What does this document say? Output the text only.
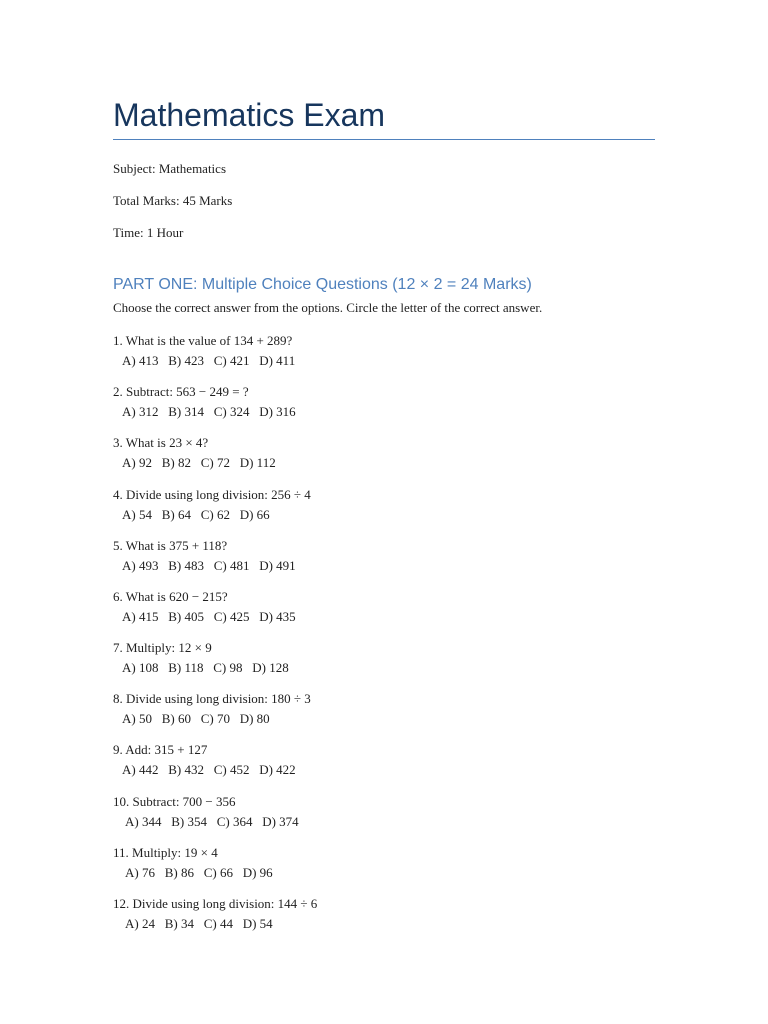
Mathematics Exam
Subject: Mathematics
Total Marks: 45 Marks
Time: 1 Hour
PART ONE: Multiple Choice Questions (12 × 2 = 24 Marks)
Choose the correct answer from the options. Circle the letter of the correct answer.
1. What is the value of 134 + 289?
A) 413   B) 423   C) 421   D) 411
2. Subtract: 563 − 249 = ?
A) 312   B) 314   C) 324   D) 316
3. What is 23 × 4?
A) 92   B) 82   C) 72   D) 112
4. Divide using long division: 256 ÷ 4
A) 54   B) 64   C) 62   D) 66
5. What is 375 + 118?
A) 493   B) 483   C) 481   D) 491
6. What is 620 − 215?
A) 415   B) 405   C) 425   D) 435
7. Multiply: 12 × 9
A) 108   B) 118   C) 98   D) 128
8. Divide using long division: 180 ÷ 3
A) 50   B) 60   C) 70   D) 80
9. Add: 315 + 127
A) 442   B) 432   C) 452   D) 422
10. Subtract: 700 − 356
A) 344   B) 354   C) 364   D) 374
11. Multiply: 19 × 4
A) 76   B) 86   C) 66   D) 96
12. Divide using long division: 144 ÷ 6
A) 24   B) 34   C) 44   D) 54
